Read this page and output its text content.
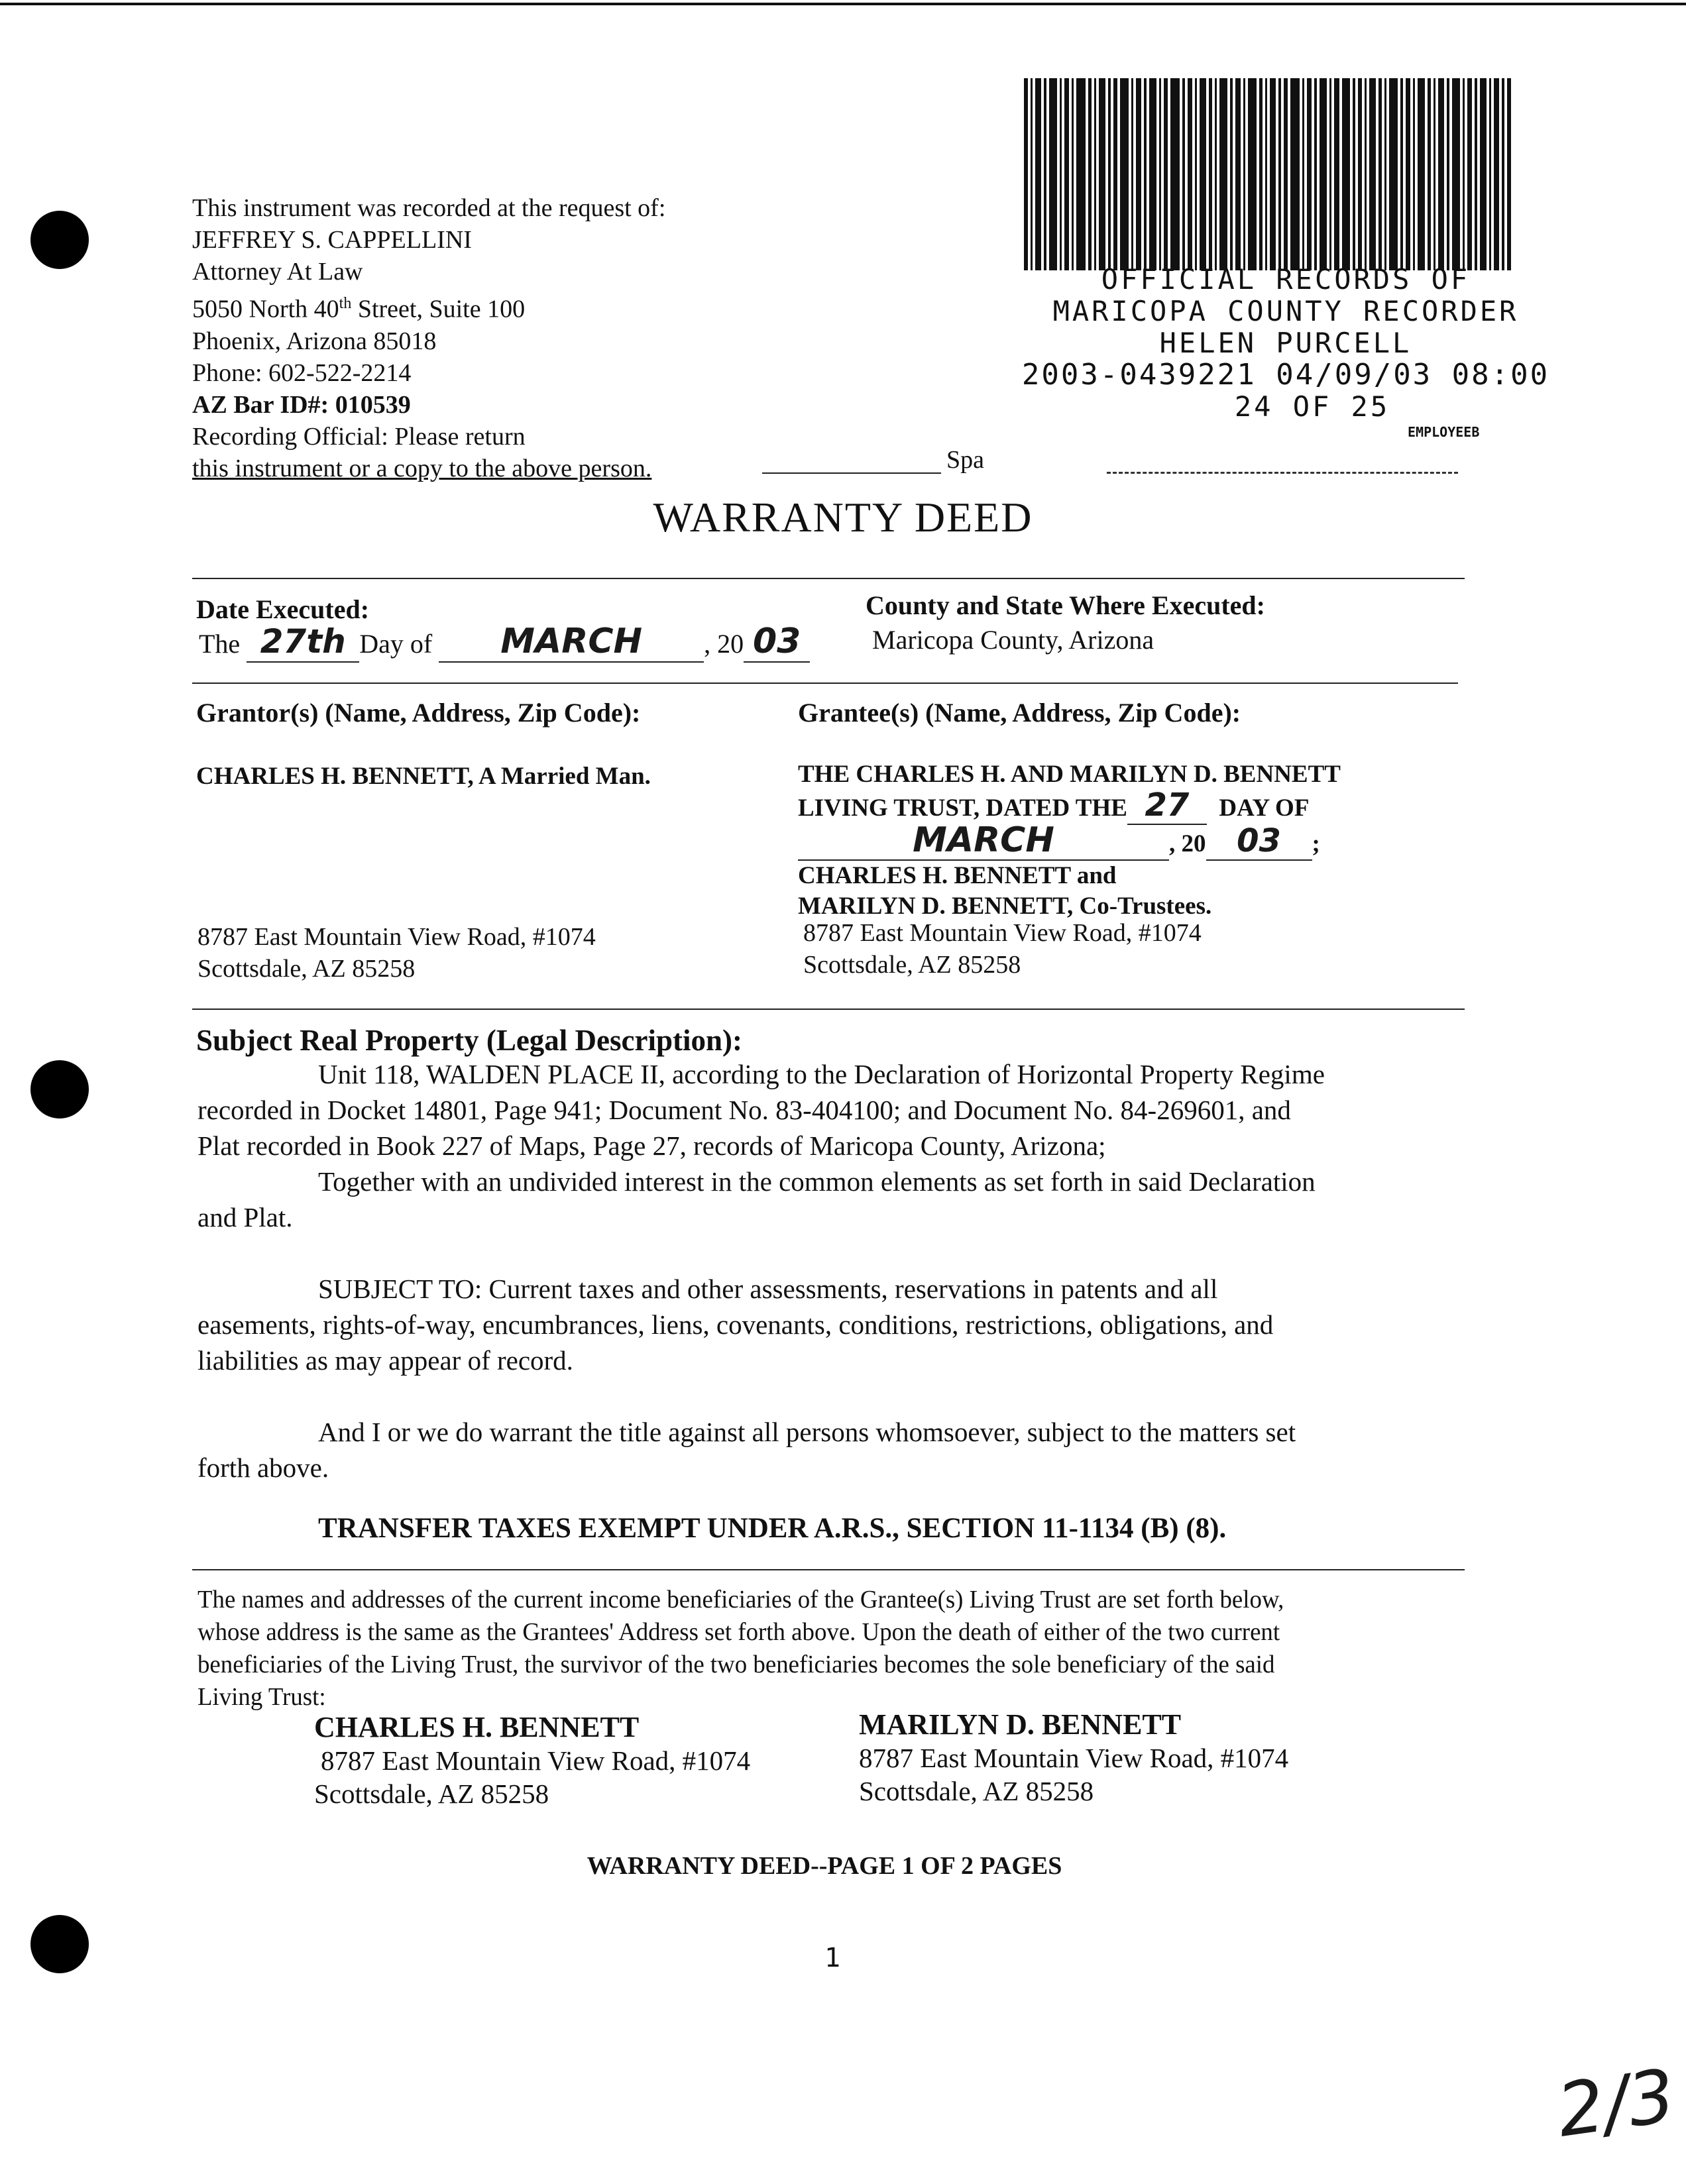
OFFICIAL RECORDS OF
MARICOPA COUNTY RECORDER
HELEN PURCELL
2003-0439221 04/09/03 08:00
24 OF 25
EMPLOYEEB
This instrument was recorded at the request of:
JEFFREY S. CAPPELLINI
Attorney At Law
5050 North 40th Street, Suite 100
Phoenix, Arizona 85018
Phone: 602-522-2214
AZ Bar ID#: 010539
Recording Official: Please return
this instrument or a copy to the above person.	Spa
WARRANTY DEED
Date Executed:
The 27th Day of MARCH , 20 03
County and State Where Executed:
Maricopa County, Arizona
Grantor(s) (Name, Address, Zip Code):
CHARLES H. BENNETT, A Married Man.
8787 East Mountain View Road, #1074
Scottsdale, AZ 85258
Grantee(s) (Name, Address, Zip Code):
THE CHARLES H. AND MARILYN D. BENNETT
LIVING TRUST, DATED THE 27 DAY OF
MARCH	, 20 03 ;
CHARLES H. BENNETT and
MARILYN D. BENNETT, Co-Trustees.
8787 East Mountain View Road, #1074
Scottsdale, AZ 85258
Subject Real Property (Legal Description):
Unit 118, WALDEN PLACE II, according to the Declaration of Horizontal Property Regime
recorded in Docket 14801, Page 941; Document No. 83-404100; and Document No. 84-269601, and
Plat recorded in Book 227 of Maps, Page 27, records of Maricopa County, Arizona;
Together with an undivided interest in the common elements as set forth in said Declaration
and Plat.
SUBJECT TO: Current taxes and other assessments, reservations in patents and all
easements, rights-of-way, encumbrances, liens, covenants, conditions, restrictions, obligations, and
liabilities as may appear of record.
And I or we do warrant the title against all persons whomsoever, subject to the matters set
forth above.
TRANSFER TAXES EXEMPT UNDER A.R.S., SECTION 11-1134 (B) (8).
The names and addresses of the current income beneficiaries of the Grantee(s) Living Trust are set forth below,
whose address is the same as the Grantees' Address set forth above. Upon the death of either of the two current
beneficiaries of the Living Trust, the survivor of the two beneficiaries becomes the sole beneficiary of the said
Living Trust:
CHARLES H. BENNETT
8787 East Mountain View Road, #1074
Scottsdale, AZ 85258
MARILYN D. BENNETT
8787 East Mountain View Road, #1074
Scottsdale, AZ 85258
WARRANTY DEED--PAGE 1 OF 2 PAGES
1
2/3
